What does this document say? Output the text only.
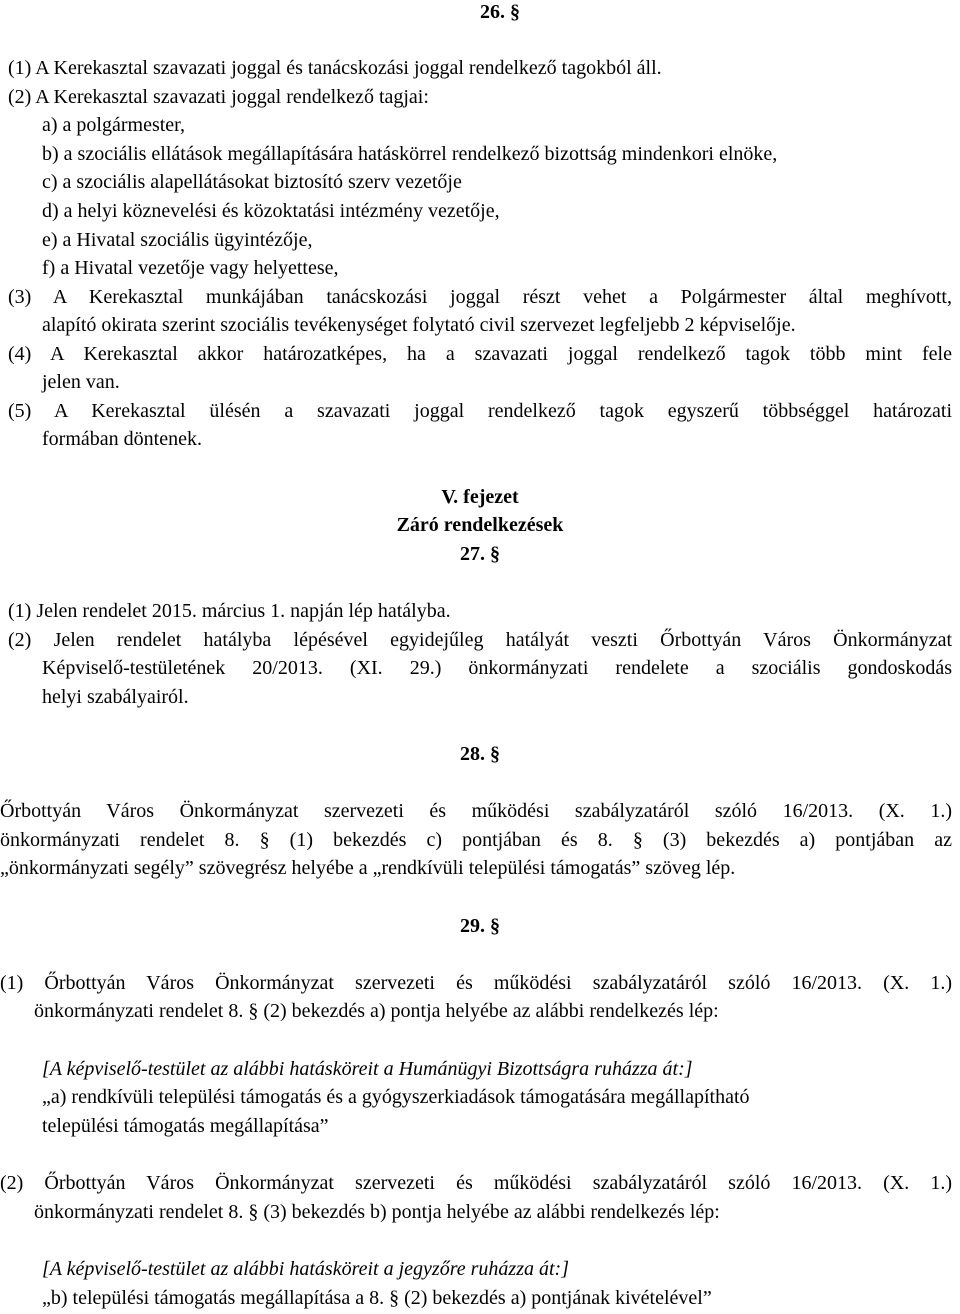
26. §
(1) A Kerekasztal szavazati joggal és tanácskozási joggal rendelkező tagokból áll.
(2) A Kerekasztal szavazati joggal rendelkező tagjai:
a) a polgármester,
b) a szociális ellátások megállapítására hatáskörrel rendelkező bizottság mindenkori elnöke,
c) a szociális alapellátásokat biztosító szerv vezetője
d) a helyi köznevelési és közoktatási intézmény vezetője,
e) a Hivatal szociális ügyintézője,
f) a Hivatal vezetője vagy helyettese,
(3) A Kerekasztal munkájában tanácskozási joggal részt vehet a Polgármester által meghívott,
alapító okirata szerint szociális tevékenységet folytató civil szervezet legfeljebb 2 képviselője.
(4) A Kerekasztal akkor határozatképes, ha a szavazati joggal rendelkező tagok több mint fele
jelen van.
(5) A Kerekasztal ülésén a szavazati joggal rendelkező tagok egyszerű többséggel határozati
formában döntenek.
V. fejezet
Záró rendelkezések
27. §
(1) Jelen rendelet 2015. március 1. napján lép hatályba.
(2) Jelen rendelet hatályba lépésével egyidejűleg hatályát veszti Őrbottyán Város Önkormányzat
Képviselő-testületének 20/2013. (XI. 29.) önkormányzati rendelete a szociális gondoskodás
helyi szabályairól.
28. §
Őrbottyán Város Önkormányzat szervezeti és működési szabályzatáról szóló 16/2013. (X. 1.)
önkormányzati rendelet 8. § (1) bekezdés c) pontjában és 8. § (3) bekezdés a) pontjában az
„önkormányzati segély” szövegrész helyébe a „rendkívüli települési támogatás” szöveg lép.
29. §
(1) Őrbottyán Város Önkormányzat szervezeti és működési szabályzatáról szóló 16/2013. (X. 1.)
önkormányzati rendelet 8. § (2) bekezdés a) pontja helyébe az alábbi rendelkezés lép:
[A képviselő-testület az alábbi hatásköreit a Humánügyi Bizottságra ruházza át:]
„a) rendkívüli települési támogatás és a gyógyszerkiadások támogatására megállapítható
települési támogatás megállapítása”
(2) Őrbottyán Város Önkormányzat szervezeti és működési szabályzatáról szóló 16/2013. (X. 1.)
önkormányzati rendelet 8. § (3) bekezdés b) pontja helyébe az alábbi rendelkezés lép:
[A képviselő-testület az alábbi hatásköreit a jegyzőre ruházza át:]
„b) települési támogatás megállapítása a 8. § (2) bekezdés a) pontjának kivételével”
